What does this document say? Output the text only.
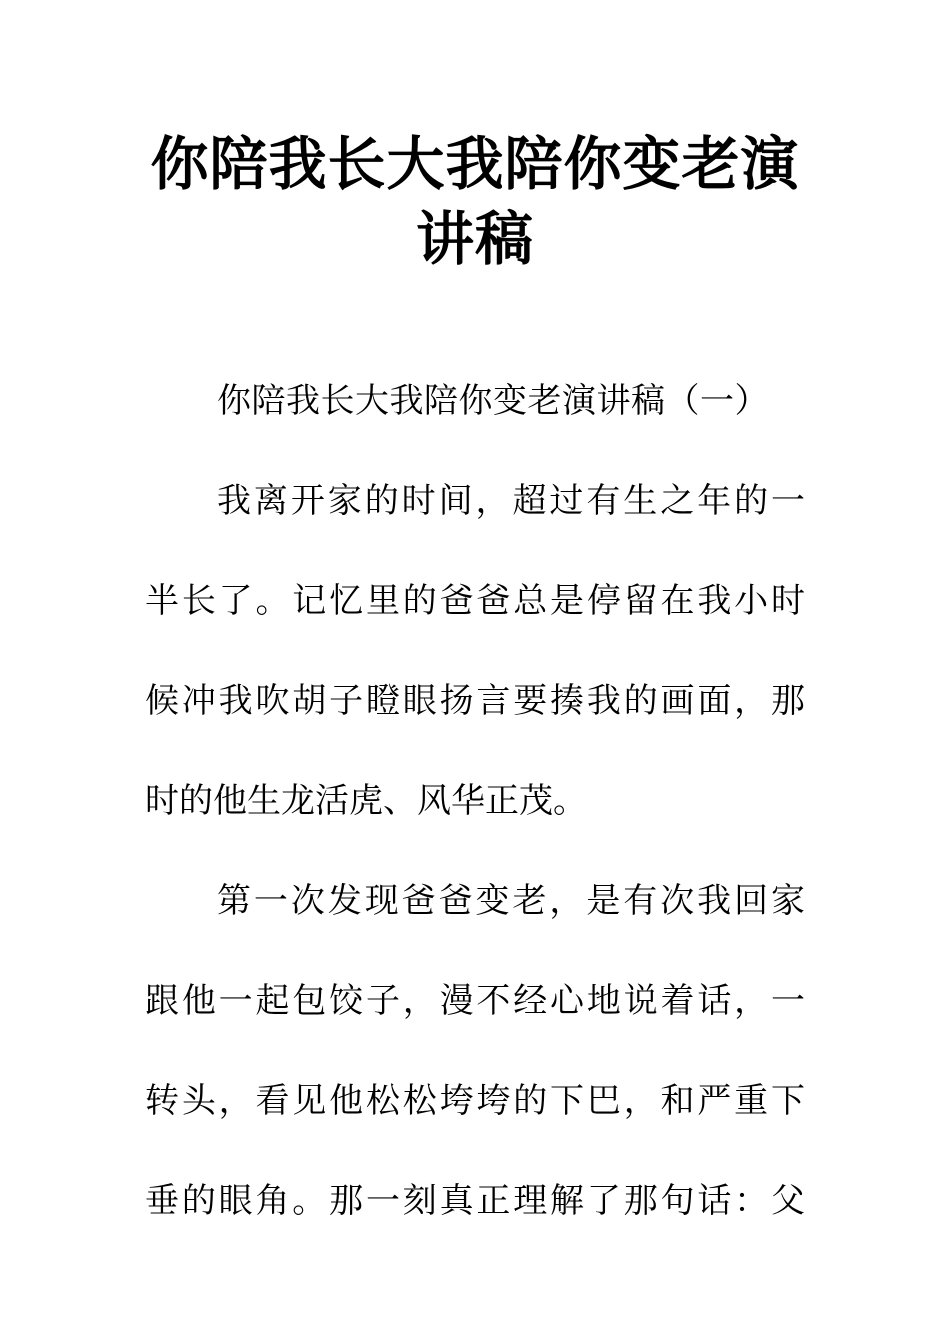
你陪我长大我陪你变老演
讲稿
你陪我长大我陪你变老演讲稿（一）
我离开家的时间，超过有生之年的一
半长了。记忆里的爸爸总是停留在我小时
候冲我吹胡子瞪眼扬言要揍我的画面，那
时的他生龙活虎、风华正茂。
第一次发现爸爸变老，是有次我回家
跟他一起包饺子，漫不经心地说着话，一
转头，看见他松松垮垮的下巴，和严重下
垂的眼角。那一刻真正理解了那句话：父
